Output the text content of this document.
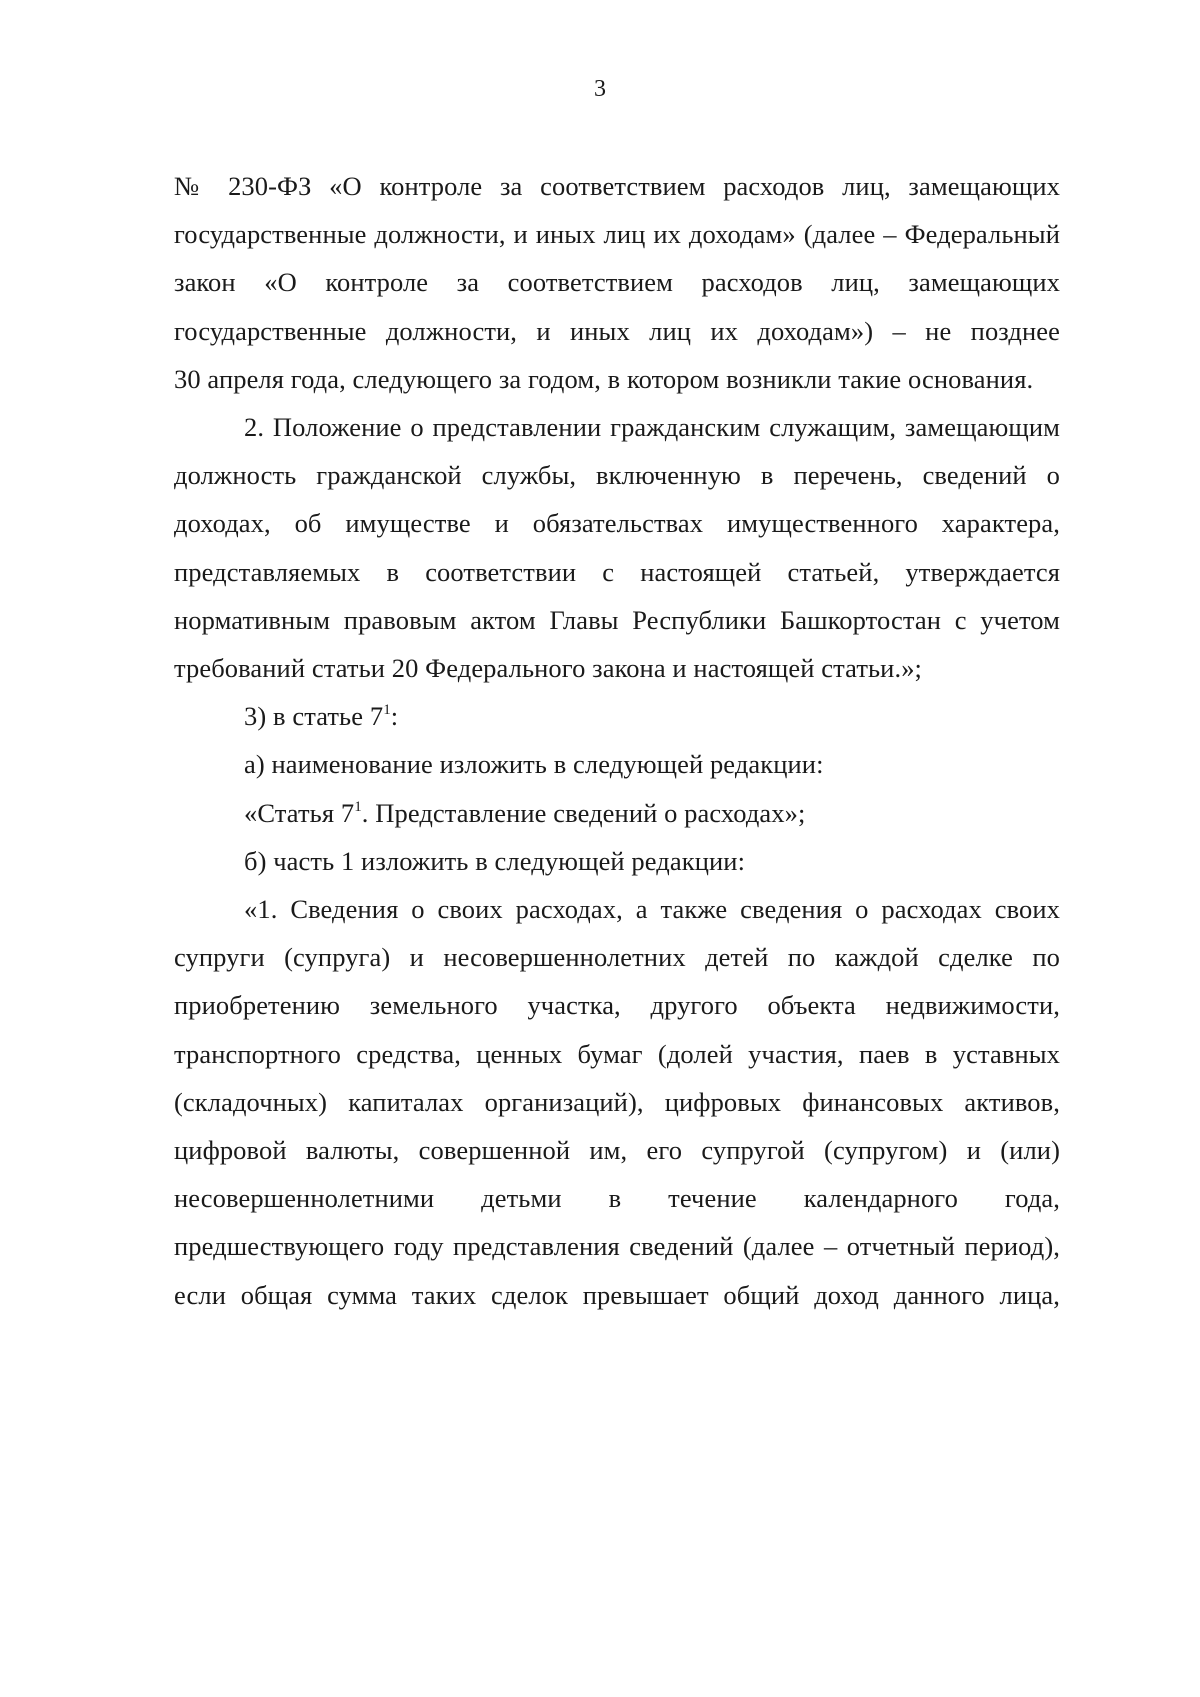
3

№ 230-ФЗ «О контроле за соответствием расходов лиц, замещающих государственные должности, и иных лиц их доходам» (далее – Федеральный закон «О контроле за соответствием расходов лиц, замещающих государственные должности, и иных лиц их доходам») – не позднее

30 апреля года, следующего за годом, в котором возникли такие основания.

2. Положение о представлении гражданским служащим, замещающим должность гражданской службы, включенную в перечень, сведений о доходах, об имуществе и обязательствах имущественного характера, представляемых в соответствии с настоящей статьей, утверждается нормативным правовым актом Главы Республики Башкортостан с учетом

требований статьи 20 Федерального закона и настоящей статьи.»;

3) в статье $7^1$:

а) наименование изложить в следующей редакции:

«Статья $7^1$. Представление сведений о расходах»;

б) часть 1 изложить в следующей редакции:

«1. Сведения о своих расходах, а также сведения о расходах своих супруги (супруга) и несовершеннолетних детей по каждой сделке по приобретению земельного участка, другого объекта недвижимости, транспортного средства, ценных бумаг (долей участия, паев в уставных (складочных) капиталах организаций), цифровых финансовых активов, цифровой валюты, совершенной им, его супругой (супругом) и (или) несовершеннолетними детьми в течение календарного года, предшествующего году представления сведений (далее – отчетный период), если общая сумма таких сделок превышает общий доход данного лица,
